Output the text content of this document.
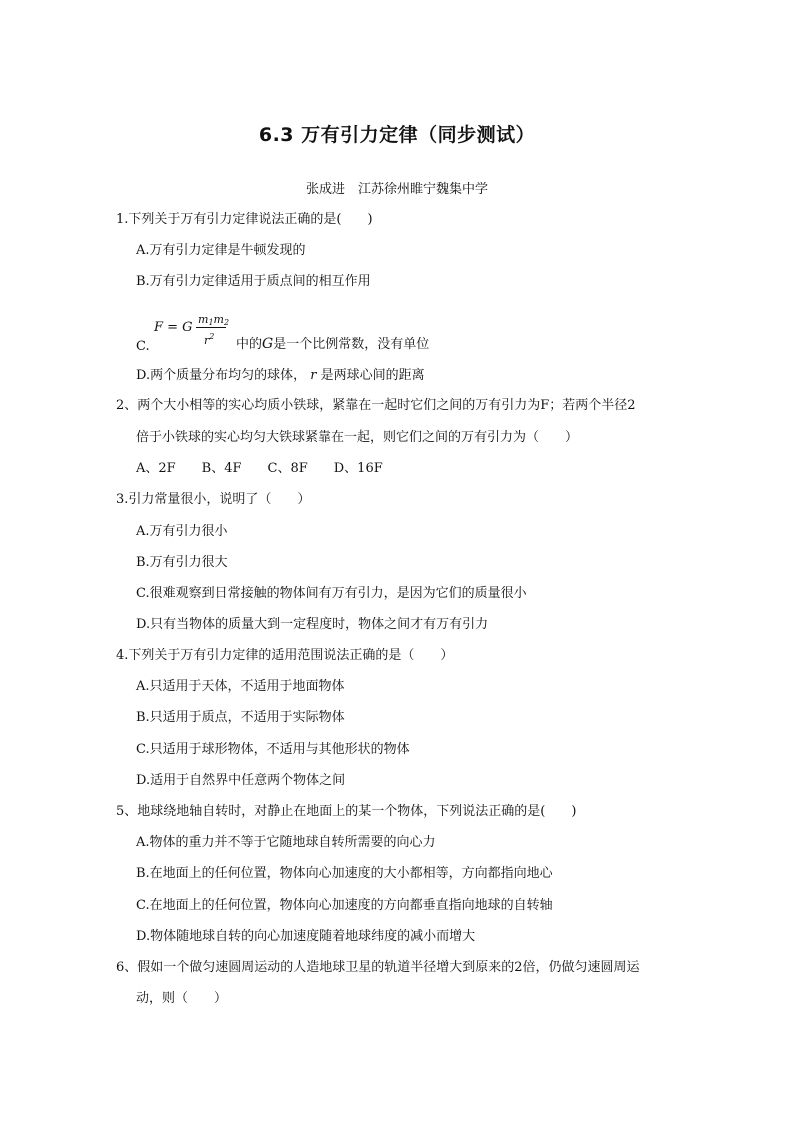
6.3 万有引力定律（同步测试）
张成进　江苏徐州睢宁魏集中学
1.下列关于万有引力定律说法正确的是(　　)
A.万有引力定律是牛顿发现的
B.万有引力定律适用于质点间的相互作用
C.
F = G
$m_1m_2$
$r^2$
中的G是一个比例常数，没有单位
D.两个质量分布均匀的球体， r 是两球心间的距离
2、两个大小相等的实心均质小铁球，紧靠在一起时它们之间的万有引力为F；若两个半径2
倍于小铁球的实心均匀大铁球紧靠在一起，则它们之间的万有引力为（　　）
A、2F　　B、4F　　C、8F　　D、16F
3.引力常量很小，说明了（　　）
A.万有引力很小
B.万有引力很大
C.很难观察到日常接触的物体间有万有引力，是因为它们的质量很小
D.只有当物体的质量大到一定程度时，物体之间才有万有引力
4.下列关于万有引力定律的适用范围说法正确的是（　　）
A.只适用于天体，不适用于地面物体
B.只适用于质点，不适用于实际物体
C.只适用于球形物体，不适用与其他形状的物体
D.适用于自然界中任意两个物体之间
5、地球绕地轴自转时，对静止在地面上的某一个物体，下列说法正确的是(　　)
A.物体的重力并不等于它随地球自转所需要的向心力
B.在地面上的任何位置，物体向心加速度的大小都相等，方向都指向地心
C.在地面上的任何位置，物体向心加速度的方向都垂直指向地球的自转轴
D.物体随地球自转的向心加速度随着地球纬度的减小而增大
6、假如一个做匀速圆周运动的人造地球卫星的轨道半径增大到原来的2倍，仍做匀速圆周运
动，则（　　）
